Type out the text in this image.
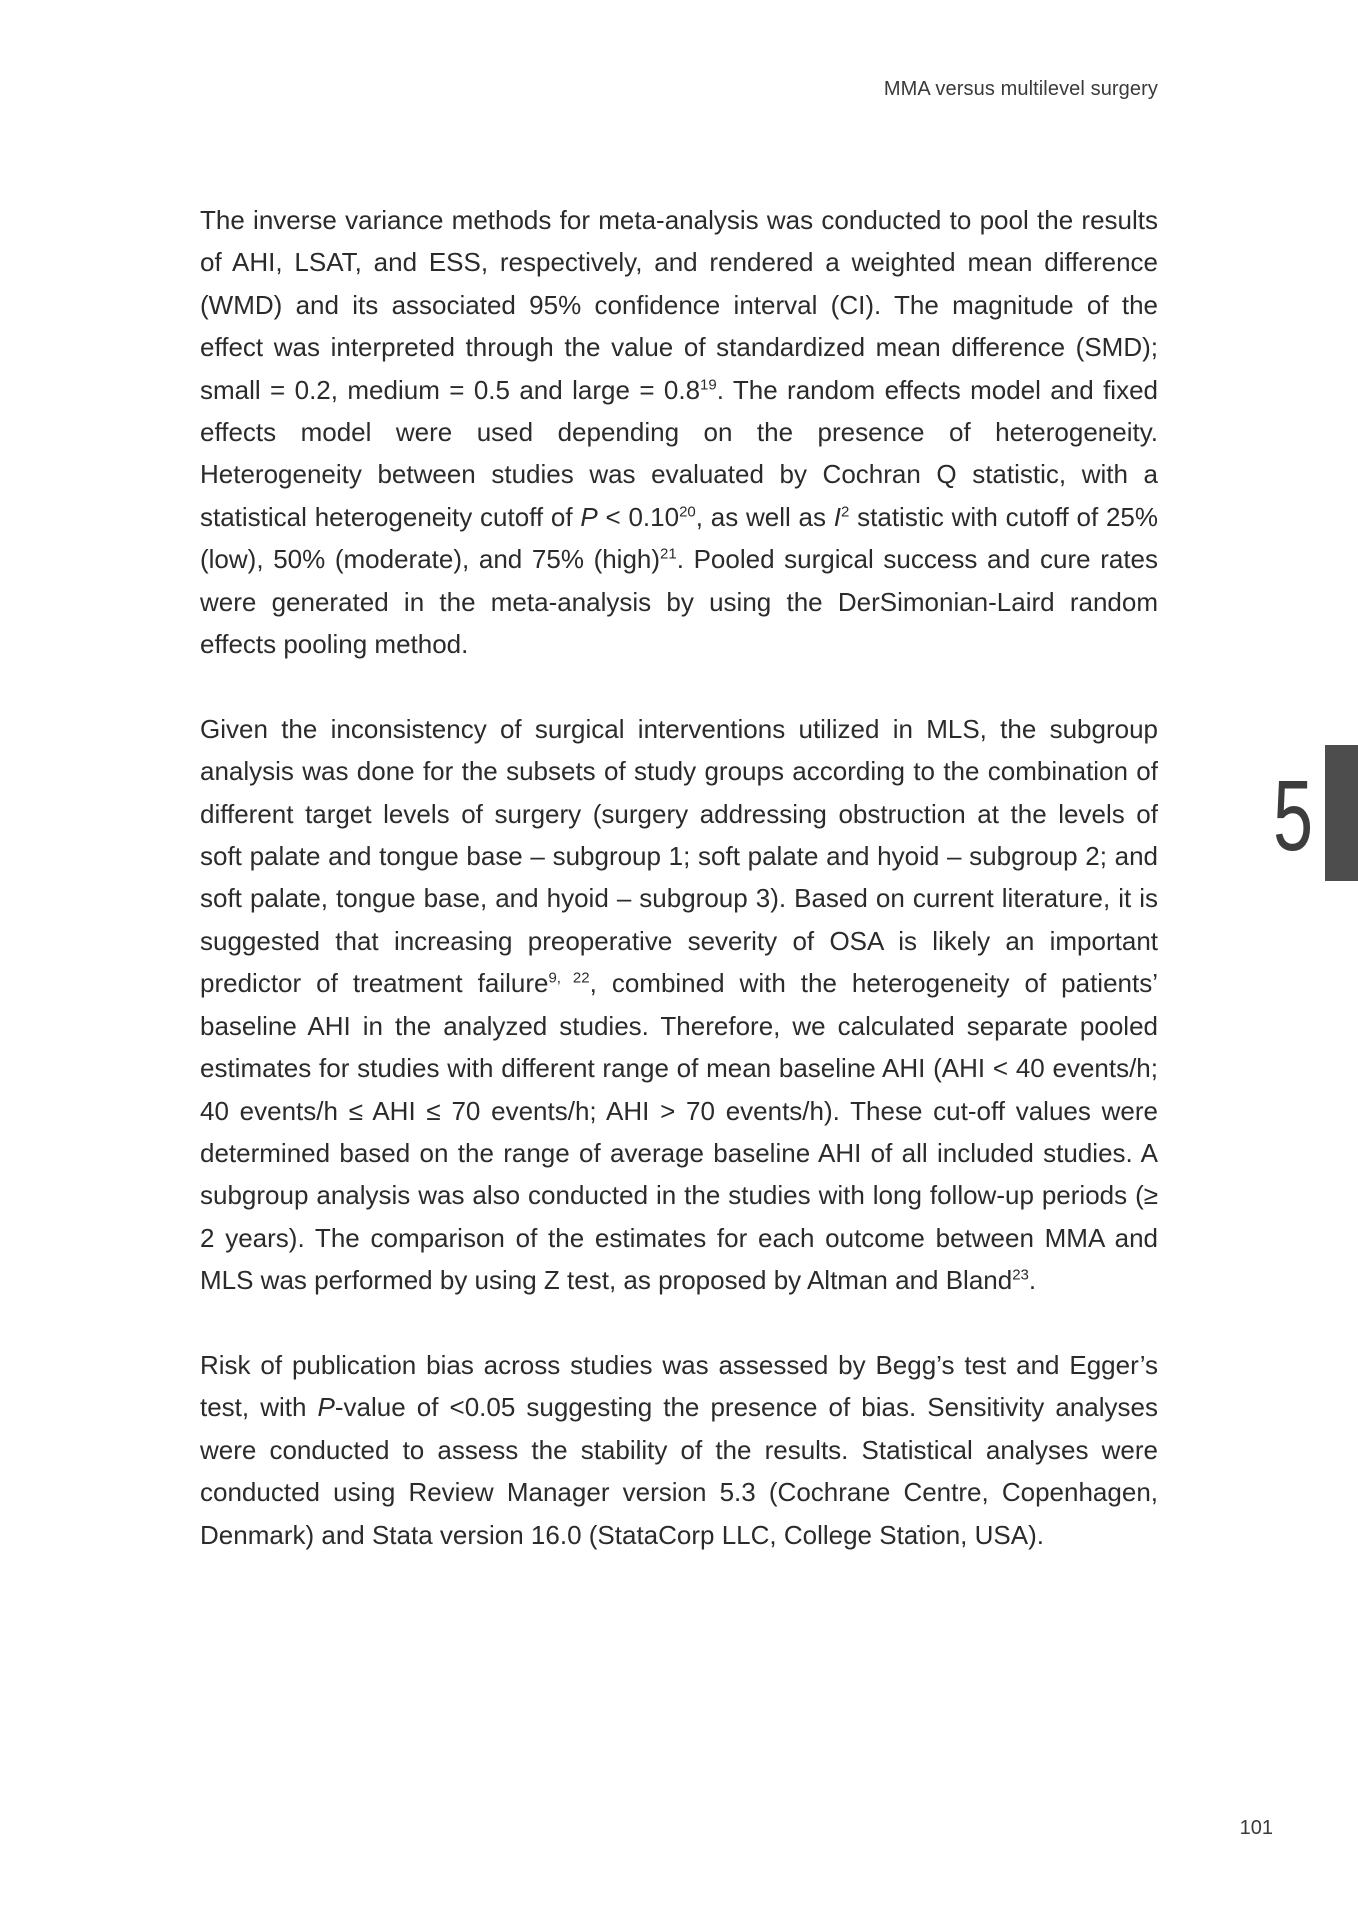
MMA versus multilevel surgery

The inverse variance methods for meta-analysis was conducted to pool the results of AHI, LSAT, and ESS, respectively, and rendered a weighted mean difference (WMD) and its associated 95% confidence interval (CI). The magnitude of the effect was interpreted through the value of standardized mean difference (SMD); small = 0.2, medium = 0.5 and large = $0.8^{19}$. The random effects model and fixed effects model were used depending on the presence of heterogeneity. Heterogeneity between studies was evaluated by Cochran Q statistic, with a statistical heterogeneity cutoff of $P < 0.10^{20}$, as well as $I^2$ statistic with cutoff of 25% (low), 50% (moderate), and 75% (high)$^{21}$. Pooled surgical success and cure rates were generated in the meta-analysis by using the DerSimonian-Laird random effects pooling method.

Given the inconsistency of surgical interventions utilized in MLS, the subgroup analysis was done for the subsets of study groups according to the combination of different target levels of surgery (surgery addressing obstruction at the levels of soft palate and tongue base – subgroup 1; soft palate and hyoid – subgroup 2; and soft palate, tongue base, and hyoid – subgroup 3). Based on current literature, it is suggested that increasing preoperative severity of OSA is likely an important predictor of treatment failure$^{9, 22}$, combined with the heterogeneity of patients’ baseline AHI in the analyzed studies. Therefore, we calculated separate pooled estimates for studies with different range of mean baseline AHI (AHI < 40 events/h; 40 events/h ≤ AHI ≤ 70 events/h; AHI > 70 events/h). These cut-off values were determined based on the range of average baseline AHI of all included studies. A subgroup analysis was also conducted in the studies with long follow-up periods (≥ 2 years). The comparison of the estimates for each outcome between MMA and MLS was performed by using Z test, as proposed by Altman and Bland$^{23}$.

Risk of publication bias across studies was assessed by Begg’s test and Egger’s test, with P-value of <0.05 suggesting the presence of bias. Sensitivity analyses were conducted to assess the stability of the results. Statistical analyses were conducted using Review Manager version 5.3 (Cochrane Centre, Copenhagen, Denmark) and Stata version 16.0 (StataCorp LLC, College Station, USA).

5
101
